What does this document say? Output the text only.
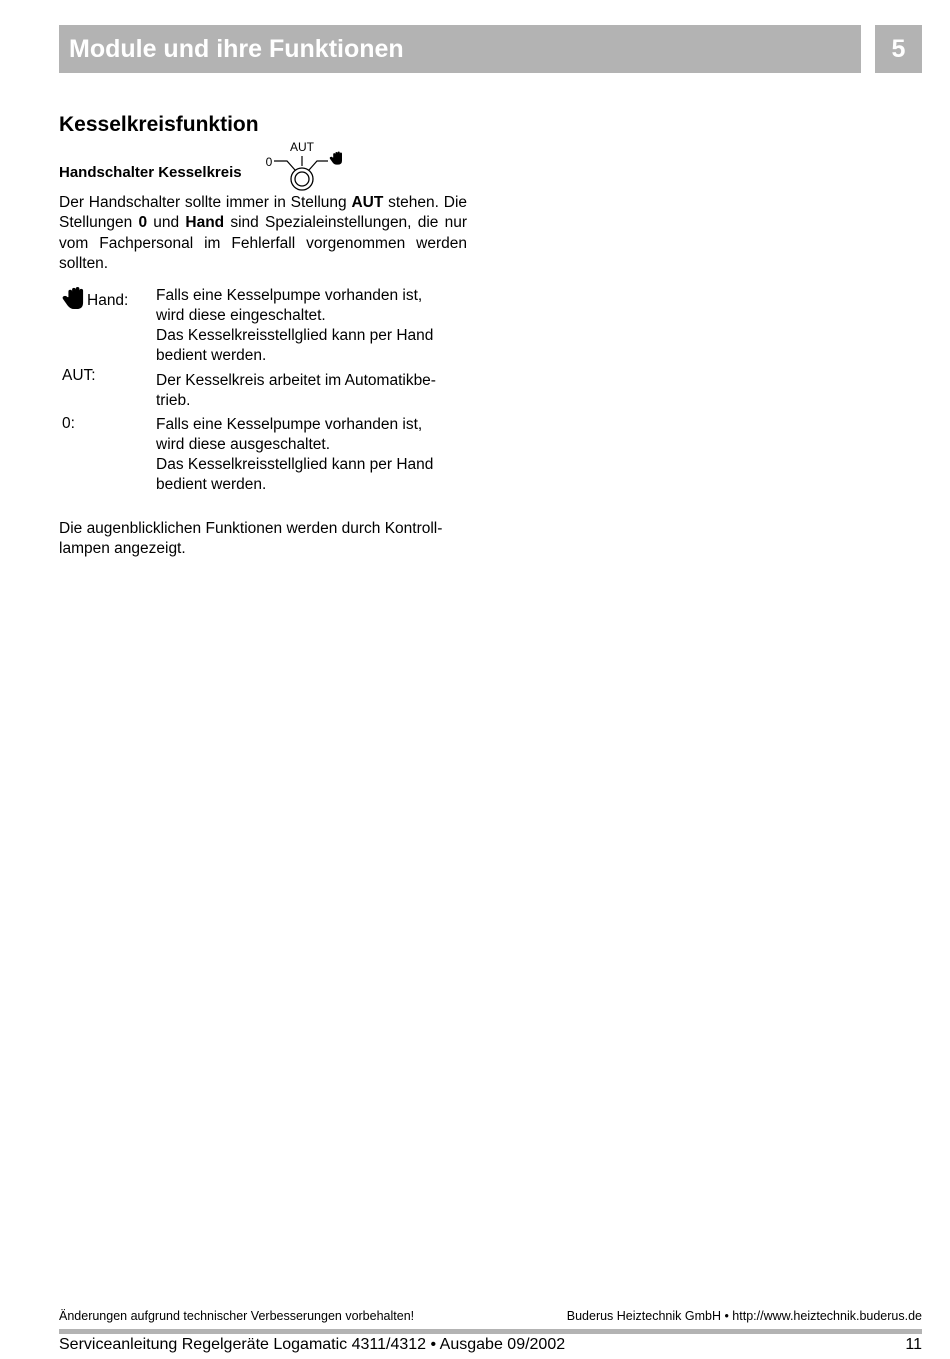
Module und ihre Funktionen	5
Kesselkreisfunktion
Handschalter Kesselkreis
AUT
0

Der Handschalter sollte immer in Stellung AUT stehen. Die Stellungen 0 und Hand sind Spezialeinstellungen, die nur vom Fachpersonal im Fehlerfall vorgenommen werden sollten.

Hand: Falls eine Kesselpumpe vorhanden ist,
wird diese eingeschaltet.
Das Kesselkreisstellglied kann per Hand
bedient werden.
AUT:	Der Kesselkreis arbeitet im Automatikbe-
trieb.
0:	Falls eine Kesselpumpe vorhanden ist,
wird diese ausgeschaltet.
Das Kesselkreisstellglied kann per Hand
bedient werden.

Die augenblicklichen Funktionen werden durch Kontroll-
lampen angezeigt.

Änderungen aufgrund technischer Verbesserungen vorbehalten!	Buderus Heiztechnik GmbH • http://www.heiztechnik.buderus.de
Serviceanleitung Regelgeräte Logamatic 4311/4312 • Ausgabe 09/2002	11
